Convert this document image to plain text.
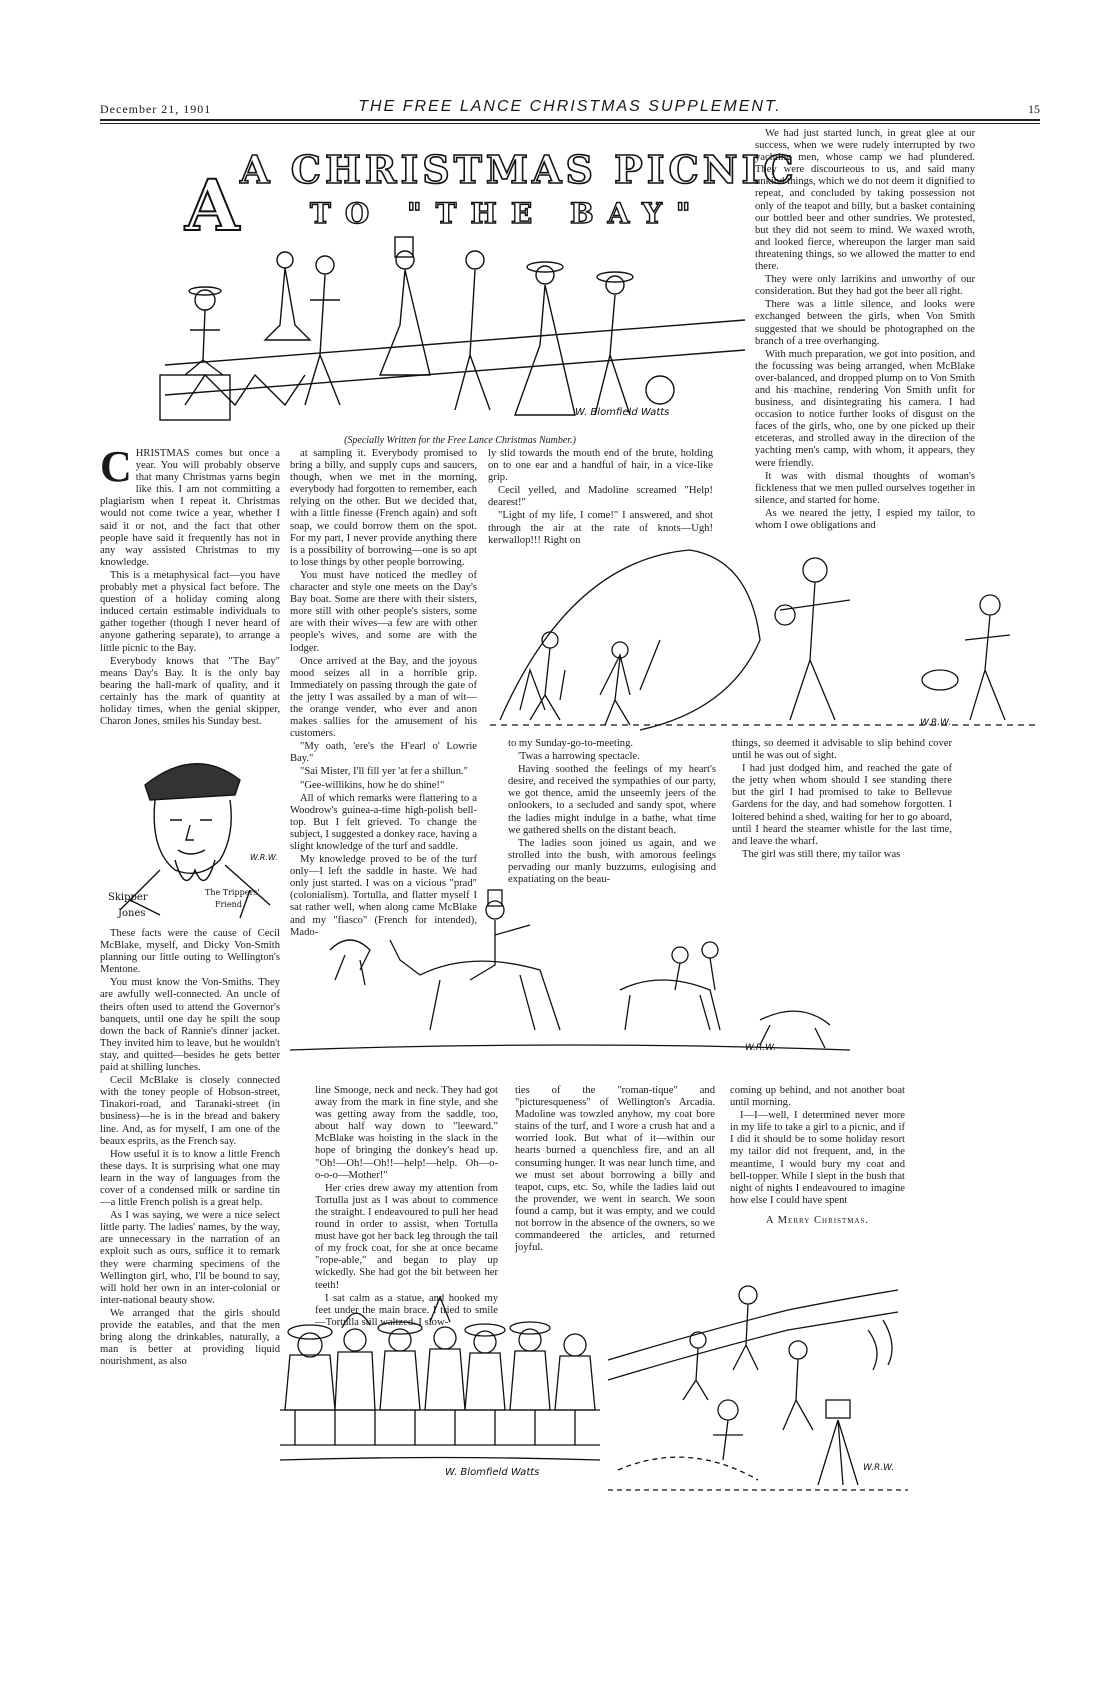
December 21, 1901	THE FREE LANCE CHRISTMAS SUPPLEMENT.	15
A A CHRISTMAS PICNIC
TO "THE BAY"
W. Blomfield Watts
(Specially Written for the Free Lance Christmas Number.)

CHRISTMAS comes but once a year. You will probably observe that many Christmas yarns begin like this. I am not committing a plagiarism when I repeat it. Christmas would not come twice a year, whether I said it or not, and the fact that other people have said it frequently has not in any way assisted Christmas to my knowledge.

This is a metaphysical fact—you have probably met a physical fact before. The question of a holiday coming along induced certain estimable individuals to gather together (though I never heard of anyone gathering separate), to arrange a little picnic to the Bay.

Everybody knows that "The Bay" means Day's Bay. It is the only bay bearing the hall-mark of quality, and it certainly has the mark of quantity at holiday times, when the genial skipper, Charon Jones, smiles his Sunday best.

Skipper
Jones
The Trippers'
Friend
W.R.W.

These facts were the cause of Cecil McBlake, myself, and Dicky Von-Smith planning our little outing to Wellington's Mentone.

You must know the Von-Smiths. They are awfully well-connected. An uncle of theirs often used to attend the Governor's banquets, until one day he spilt the soup down the back of Rannie's dinner jacket. They invited him to leave, but he wouldn't stay, and quitted—besides he gets better paid at shilling lunches.

Cecil McBlake is closely connected with the toney people of Hobson-street, Tinakori-road, and Taranaki-street (in business)—he is in the bread and bakery line. And, as for myself, I am one of the beaux esprits, as the French say.

How useful it is to know a little French these days. It is surprising what one may learn in the way of languages from the cover of a condensed milk or sardine tin—a little French polish is a great help.

As I was saying, we were a nice select little party. The ladies' names, by the way, are unnecessary in the narration of an exploit such as ours, suffice it to remark they were charming specimens of the Wellington girl, who, I'll be bound to say, will hold her own in an inter-colonial or inter-national beauty show.

We arranged that the girls should provide the eatables, and that the men bring along the drinkables, naturally, a man is better at providing liquid nourishment, as also

at sampling it. Everybody promised to bring a billy, and supply cups and saucers, though, when we met in the morning, everybody had forgotten to remember, each relying on the other. But we decided that, with a little finesse (French again) and soft soap, we could borrow them on the spot. For my part, I never provide anything there is a possibility of borrowing—one is so apt to lose things by other people borrowing.

You must have noticed the medley of character and style one meets on the Day's Bay boat. Some are there with their sisters, more still with other people's sisters, some are with their wives—a few are with other people's wives, and some are with the lodger.

Once arrived at the Bay, and the joyous mood seizes all in a horrible grip. Immediately on passing through the gate of the jetty I was assailed by a man of wit—the orange vender, who ever and anon makes sallies for the amusement of his customers.

"My oath, 'ere's the H'earl o' Lowrie Bay."

"Sai Mister, I'll fill yer 'at fer a shillun."

"Gee-willikins, how he do shine!"

All of which remarks were flattering to a Woodrow's guinea-a-time high-polish bell-top. But I felt grieved. To change the subject, I suggested a donkey race, having a slight knowledge of the turf and saddle.

My knowledge proved to be of the turf only—I left the saddle in haste. We had only just started. I was on a vicious "prad" (colonialism). Tortulla, and flatter myself I sat rather well, when along came McBlake and my "fiasco" (French for intended), Mado-

ly slid towards the mouth end of the brute, holding on to one ear and a handful of hair, in a vice-like grip.

Cecil yelled, and Madoline screamed "Help! dearest!"

"Light of my life, I come!" I answered, and shot through the air at the rate of knots—Ugh! kerwallop!!! Right on

W.R.W.

We had just started lunch, in great glee at our success, when we were rudely interrupted by two yachting men, whose camp we had plundered. They were discourteous to us, and said many unkind things, which we do not deem it dignified to repeat, and concluded by taking possession not only of the teapot and billy, but a basket containing our bottled beer and other sundries. We protested, but they did not seem to mind. We waxed wroth, and looked fierce, whereupon the larger man said threatening things, so we allowed the matter to end there.

They were only larrikins and unworthy of our consideration. But they had got the beer all right.

There was a little silence, and looks were exchanged between the girls, when Von Smith suggested that we should be photographed on the branch of a tree overhanging.

With much preparation, we got into position, and the focussing was being arranged, when McBlake over-balanced, and dropped plump on to Von Smith and his machine, rendering Von Smith unfit for business, and disintegrating his camera. I had occasion to notice further looks of disgust on the faces of the girls, who, one by one picked up their etceteras, and strolled away in the direction of the yachting men's camp, with whom, it appears, they were friendly.

It was with dismal thoughts of woman's fickleness that we men pulled ourselves together in silence, and started for home.

As we neared the jetty, I espied my tailor, to whom I owe obligations and

to my Sunday-go-to-meeting.

'Twas a harrowing spectacle.

Having soothed the feelings of my heart's desire, and received the sympathies of our party, we got thence, amid the unseemly jeers of the onlookers, to a secluded and sandy spot, where the ladies might indulge in a bathe, what time we gathered shells on the distant beach.

The ladies soon joined us again, and we strolled into the bush, with amorous feelings pervading our manly buzzums, eulogising and expatiating on the beau-

things, so deemed it advisable to slip behind cover until he was out of sight.

I had just dodged him, and reached the gate of the jetty when whom should I see standing there but the girl I had promised to take to Bellevue Gardens for the day, and had somehow forgotten. I loitered behind a shed, waiting for her to go aboard, until I heard the steamer whistle for the last time, and leave the wharf.

The girl was still there, my tailor was

W.R.W.

line Smooge, neck and neck. They had got away from the mark in fine style, and she was getting away from the saddle, too, about half way down to "leeward." McBlake was hoisting in the slack in the hope of bringing the donkey's head up. "Oh!—Oh!—Oh!!—help!—help. Oh—o-o-o-o—Mother!"

Her cries drew away my attention from Tortulla just as I was about to commence the straight. I endeavoured to pull her head round in order to assist, when Tortulla must have got her back leg through the tail of my frock coat, for she at once became "rope-able," and began to play up wickedly. She had got the bit between her teeth!

I sat calm as a statue, and hooked my feet under the main brace. I tried to smile—Tortulla still waltzed. I slow-

ties of the "roman-tique" and "picturesqueness" of Wellington's Arcadia. Madoline was towzled anyhow, my coat bore stains of the turf, and I wore a crush hat and a worried look. But what of it—within our hearts burned a quenchless fire, and an all consuming hunger. It was near lunch time, and we must set about borrowing a billy and teapot, cups, etc. So, while the ladies laid out the provender, we went in search. We soon found a camp, but it was empty, and we could not borrow in the absence of the owners, so we commandeered the articles, and returned joyful.

coming up behind, and not another boat until morning.

I—I—well, I determined never more in my life to take a girl to a picnic, and if I did it should be to some holiday resort my tailor did not frequent, and, in the meantime, I would bury my coat and bell-topper. While I slept in the bush that night of nights I endeavoured to imagine how else I could have spent

A Merry Christmas.

W. Blomfield Watts	W.R.W.
